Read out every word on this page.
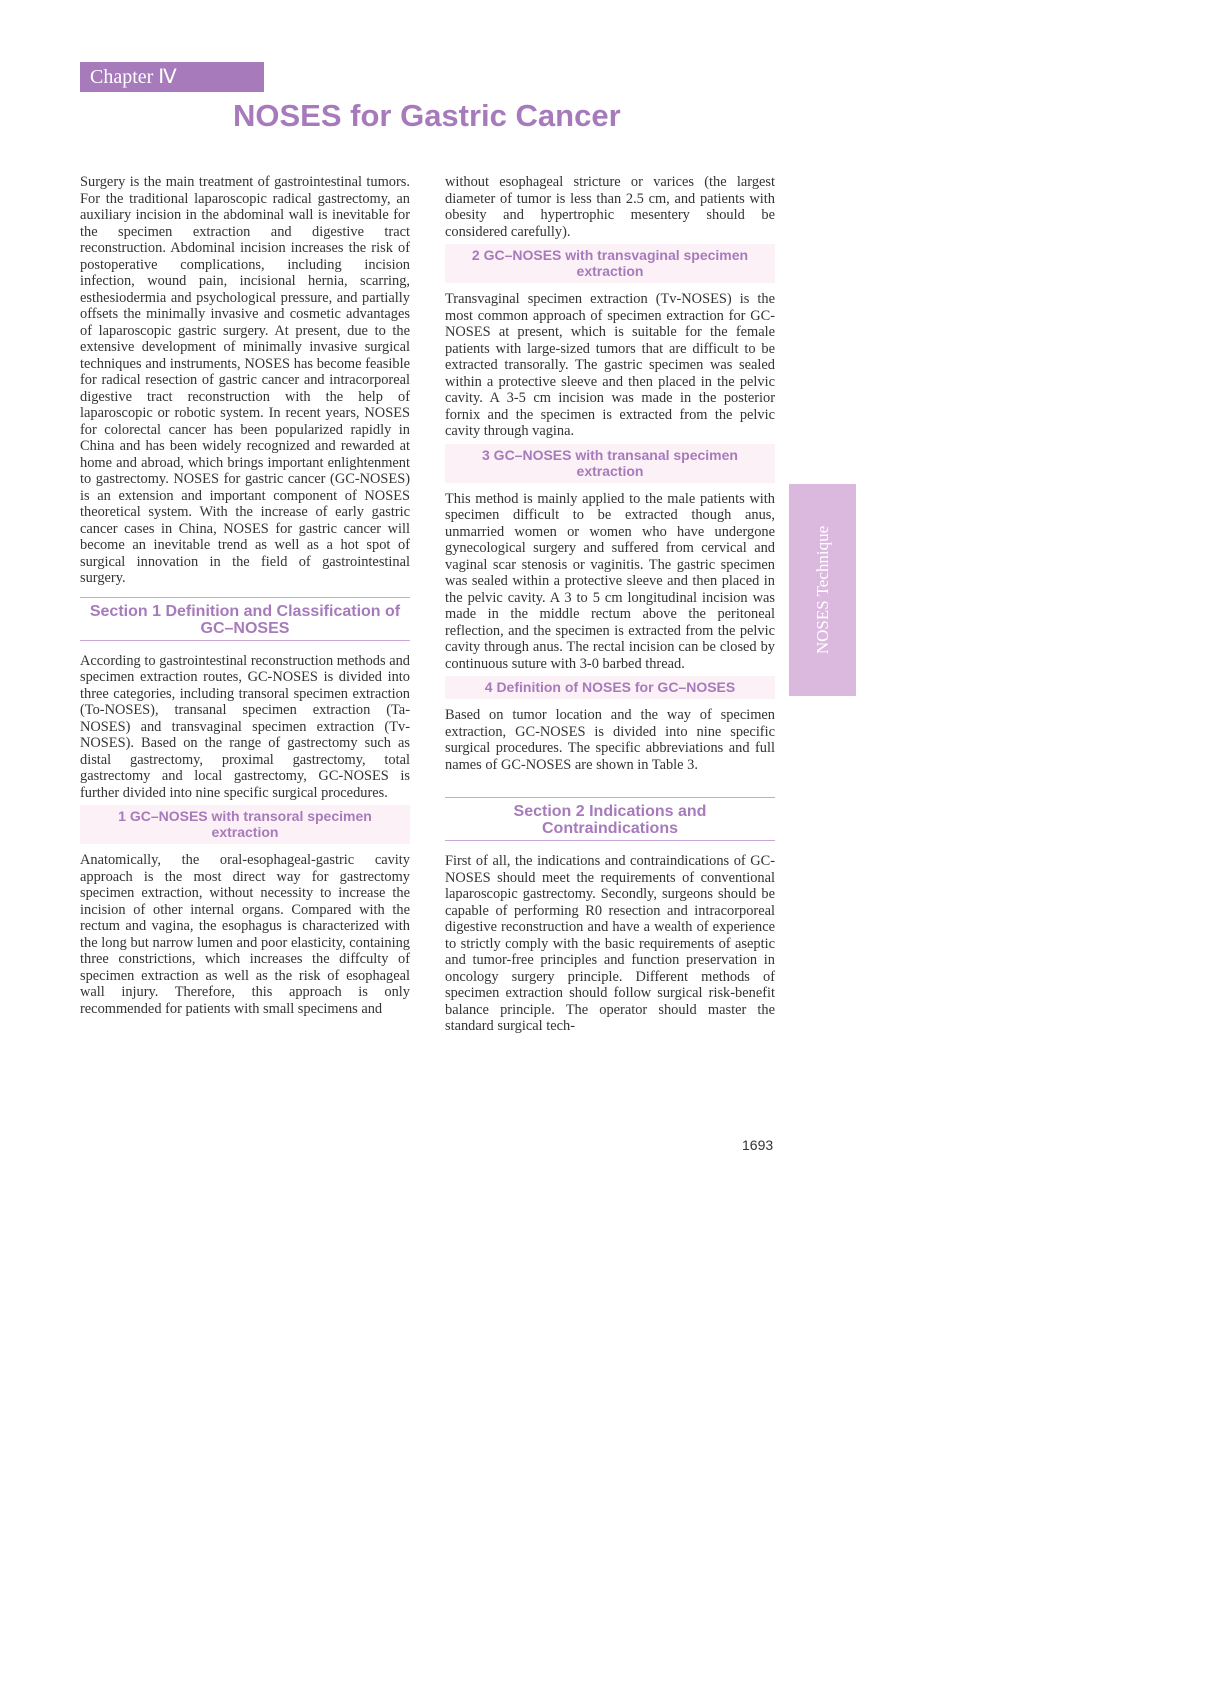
Chapter Ⅳ
NOSES for Gastric Cancer

Surgery is the main treatment of gastrointestinal tumors. For the traditional laparoscopic radical gastrectomy, an auxiliary incision in the abdominal wall is inevitable for the specimen extraction and digestive tract reconstruction. Abdominal incision increases the risk of postoperative complications, including incision infection, wound pain, incisional hernia, scarring, esthesiodermia and psychological pressure, and partially offsets the minimally invasive and cosmetic advantages of laparoscopic gastric surgery. At present, due to the extensive development of minimally invasive surgical techniques and instruments, NOSES has become feasible for radical resection of gastric cancer and intracorporeal digestive tract reconstruction with the help of laparoscopic or robotic system. In recent years, NOSES for colorectal cancer has been popularized rapidly in China and has been widely recognized and rewarded at home and abroad, which brings important enlightenment to gastrectomy. NOSES for gastric cancer (GC-NOSES) is an extension and important component of NOSES theoretical system. With the increase of early gastric cancer cases in China, NOSES for gastric cancer will become an inevitable trend as well as a hot spot of surgical innovation in the field of gastrointestinal surgery.

Section 1 Definition and Classification of GC–NOSES

According to gastrointestinal reconstruction methods and specimen extraction routes, GC-NOSES is divided into three categories, including transoral specimen extraction (To-NOSES), transanal specimen extraction (Ta-NOSES) and transvaginal specimen extraction (Tv-NOSES). Based on the range of gastrectomy such as distal gastrectomy, proximal gastrectomy, total gastrectomy and local gastrectomy, GC-NOSES is further divided into nine specific surgical procedures.

1 GC–NOSES with transoral specimen extraction

Anatomically, the oral-esophageal-gastric cavity approach is the most direct way for gastrectomy specimen extraction, without necessity to increase the incision of other internal organs. Compared with the rectum and vagina, the esophagus is characterized with the long but narrow lumen and poor elasticity, containing three constrictions, which increases the diffculty of specimen extraction as well as the risk of esophageal wall injury. Therefore, this approach is only recommended for patients with small specimens and

without esophageal stricture or varices (the largest diameter of tumor is less than 2.5 cm, and patients with obesity and hypertrophic mesentery should be considered carefully).

2 GC–NOSES with transvaginal specimen extraction

Transvaginal specimen extraction (Tv-NOSES) is the most common approach of specimen extraction for GC-NOSES at present, which is suitable for the female patients with large-sized tumors that are difficult to be extracted transorally. The gastric specimen was sealed within a protective sleeve and then placed in the pelvic cavity. A 3-5 cm incision was made in the posterior fornix and the specimen is extracted from the pelvic cavity through vagina.

3 GC–NOSES with transanal specimen extraction

This method is mainly applied to the male patients with specimen difficult to be extracted though anus, unmarried women or women who have undergone gynecological surgery and suffered from cervical and vaginal scar stenosis or vaginitis. The gastric specimen was sealed within a protective sleeve and then placed in the pelvic cavity. A 3 to 5 cm longitudinal incision was made in the middle rectum above the peritoneal reflection, and the specimen is extracted from the pelvic cavity through anus. The rectal incision can be closed by continuous suture with 3-0 barbed thread.

4 Definition of NOSES for GC–NOSES

Based on tumor location and the way of specimen extraction, GC-NOSES is divided into nine specific surgical procedures. The specific abbreviations and full names of GC-NOSES are shown in Table 3.

Section 2 Indications and Contraindications

First of all, the indications and contraindications of GC-NOSES should meet the requirements of conventional laparoscopic gastrectomy. Secondly, surgeons should be capable of performing R0 resection and intracorporeal digestive reconstruction and have a wealth of experience to strictly comply with the basic requirements of aseptic and tumor-free principles and function preservation in oncology surgery principle. Different methods of specimen extraction should follow surgical risk-benefit balance principle. The operator should master the standard surgical tech-

NOSES Technique
1693
